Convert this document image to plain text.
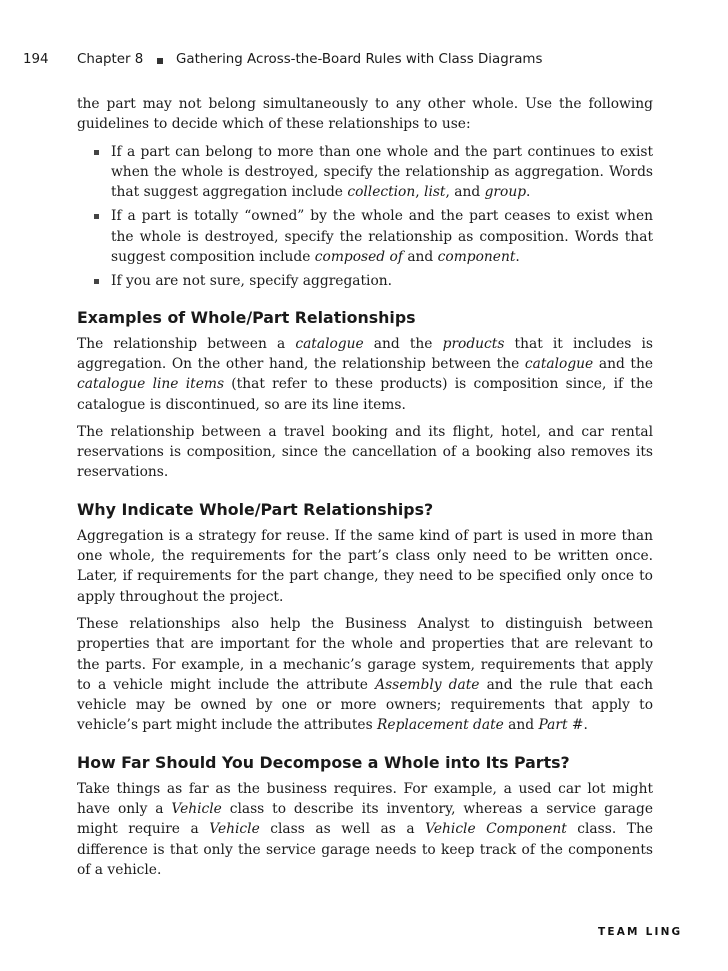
194 Chapter 8 Gathering Across-the-Board Rules with Class Diagrams

the part may not belong simultaneously to any other whole. Use the following guidelines to decide which of these relationships to use:

If a part can belong to more than one whole and the part continues to exist when the whole is destroyed, specify the relationship as aggregation. Words that suggest aggregation include collection, list, and group.
If a part is totally “owned” by the whole and the part ceases to exist when the whole is destroyed, specify the relationship as composition. Words that suggest composition include composed of and component.
If you are not sure, specify aggregation.
Examples of Whole/Part Relationships

The relationship between a catalogue and the products that it includes is aggregation. On the other hand, the relationship between the catalogue and the catalogue line items (that refer to these products) is composition since, if the catalogue is discontinued, so are its line items.

The relationship between a travel booking and its flight, hotel, and car rental reservations is composition, since the cancellation of a booking also removes its reservations.

Why Indicate Whole/Part Relationships?

Aggregation is a strategy for reuse. If the same kind of part is used in more than one whole, the requirements for the part’s class only need to be written once. Later, if requirements for the part change, they need to be specified only once to apply throughout the project.

These relationships also help the Business Analyst to distinguish between properties that are important for the whole and properties that are relevant to the parts. For example, in a mechanic’s garage system, requirements that apply to a vehicle might include the attribute Assembly date and the rule that each vehicle may be owned by one or more owners; requirements that apply to vehicle’s part might include the attributes Replacement date and Part #.

How Far Should You Decompose a Whole into Its Parts?

Take things as far as the business requires. For example, a used car lot might have only a Vehicle class to describe its inventory, whereas a service garage might require a Vehicle class as well as a Vehicle Component class. The difference is that only the service garage needs to keep track of the components of a vehicle.

TEAM LING
